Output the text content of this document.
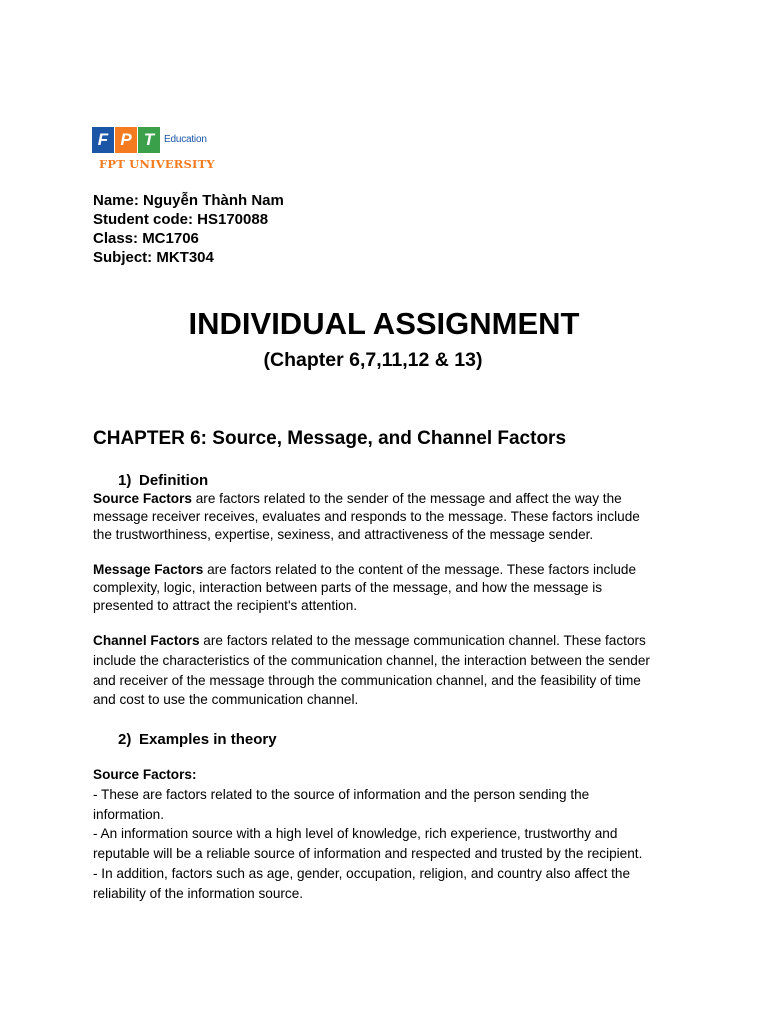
F P T Education
FPT UNIVERSITY
Name: Nguyễn Thành Nam
Student code: HS170088
Class: MC1706
Subject: MKT304
INDIVIDUAL ASSIGNMENT
(Chapter 6,7,11,12 & 13)
CHAPTER 6: Source, Message, and Channel Factors
1) Definition
Source Factors are factors related to the sender of the message and affect the way the
message receiver receives, evaluates and responds to the message. These factors include
the trustworthiness, expertise, sexiness, and attractiveness of the message sender.
Message Factors are factors related to the content of the message. These factors include
complexity, logic, interaction between parts of the message, and how the message is
presented to attract the recipient's attention.
Channel Factors are factors related to the message communication channel. These factors
include the characteristics of the communication channel, the interaction between the sender
and receiver of the message through the communication channel, and the feasibility of time
and cost to use the communication channel.
2) Examples in theory
Source Factors:
- These are factors related to the source of information and the person sending the
information.
- An information source with a high level of knowledge, rich experience, trustworthy and
reputable will be a reliable source of information and respected and trusted by the recipient.
- In addition, factors such as age, gender, occupation, religion, and country also affect the
reliability of the information source.
